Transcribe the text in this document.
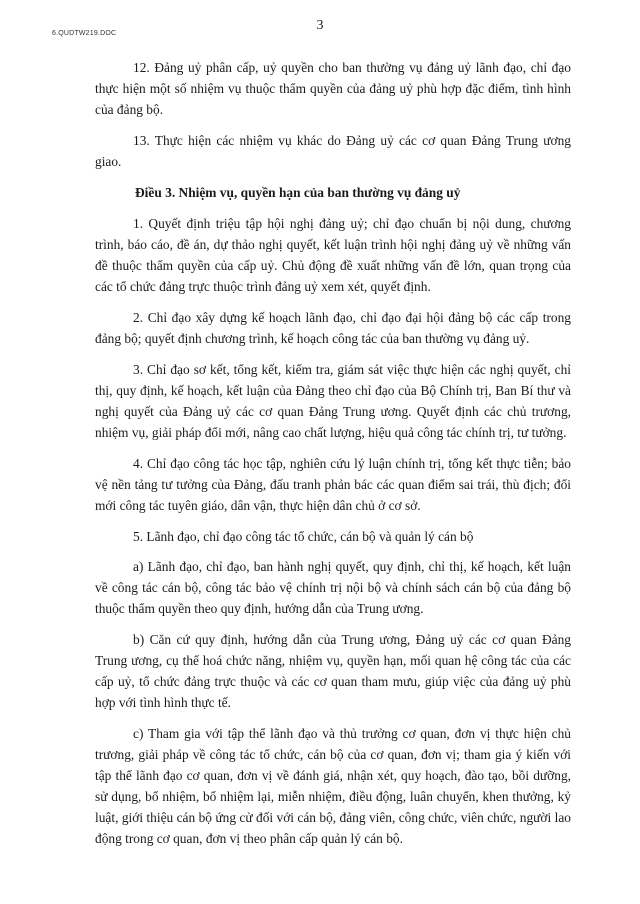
6.QUDTW219.DOC
3

12. Đảng uỷ phân cấp, uỷ quyền cho ban thường vụ đảng uỷ lãnh đạo, chỉ đạo thực hiện một số nhiệm vụ thuộc thẩm quyền của đảng uỷ phù hợp đặc điểm, tình hình của đảng bộ.

13. Thực hiện các nhiệm vụ khác do Đảng uỷ các cơ quan Đảng Trung ương giao.

Điều 3. Nhiệm vụ, quyền hạn của ban thường vụ đảng uỷ

1. Quyết định triệu tập hội nghị đảng uỷ; chỉ đạo chuẩn bị nội dung, chương trình, báo cáo, đề án, dự thảo nghị quyết, kết luận trình hội nghị đảng uỷ về những vấn đề thuộc thẩm quyền của cấp uỷ. Chủ động đề xuất những vấn đề lớn, quan trọng của các tổ chức đảng trực thuộc trình đảng uỷ xem xét, quyết định.

2. Chỉ đạo xây dựng kế hoạch lãnh đạo, chỉ đạo đại hội đảng bộ các cấp trong đảng bộ; quyết định chương trình, kế hoạch công tác của ban thường vụ đảng uỷ.

3. Chỉ đạo sơ kết, tổng kết, kiểm tra, giám sát việc thực hiện các nghị quyết, chỉ thị, quy định, kế hoạch, kết luận của Đảng theo chỉ đạo của Bộ Chính trị, Ban Bí thư và nghị quyết của Đảng uỷ các cơ quan Đảng Trung ương. Quyết định các chủ trương, nhiệm vụ, giải pháp đổi mới, nâng cao chất lượng, hiệu quả công tác chính trị, tư tưởng.

4. Chỉ đạo công tác học tập, nghiên cứu lý luận chính trị, tổng kết thực tiễn; bảo vệ nền tảng tư tưởng của Đảng, đấu tranh phản bác các quan điểm sai trái, thù địch; đổi mới công tác tuyên giáo, dân vận, thực hiện dân chủ ở cơ sở.

5. Lãnh đạo, chỉ đạo công tác tổ chức, cán bộ và quản lý cán bộ

a) Lãnh đạo, chỉ đạo, ban hành nghị quyết, quy định, chỉ thị, kế hoạch, kết luận về công tác cán bộ, công tác bảo vệ chính trị nội bộ và chính sách cán bộ của đảng bộ thuộc thẩm quyền theo quy định, hướng dẫn của Trung ương.

b) Căn cứ quy định, hướng dẫn của Trung ương, Đảng uỷ các cơ quan Đảng Trung ương, cụ thể hoá chức năng, nhiệm vụ, quyền hạn, mối quan hệ công tác của các cấp uỷ, tổ chức đảng trực thuộc và các cơ quan tham mưu, giúp việc của đảng uỷ phù hợp với tình hình thực tế.

c) Tham gia với tập thể lãnh đạo và thủ trưởng cơ quan, đơn vị thực hiện chủ trương, giải pháp về công tác tổ chức, cán bộ của cơ quan, đơn vị; tham gia ý kiến với tập thể lãnh đạo cơ quan, đơn vị về đánh giá, nhận xét, quy hoạch, đào tạo, bồi dưỡng, sử dụng, bổ nhiệm, bổ nhiệm lại, miễn nhiệm, điều động, luân chuyển, khen thưởng, kỷ luật, giới thiệu cán bộ ứng cử đối với cán bộ, đảng viên, công chức, viên chức, người lao động trong cơ quan, đơn vị theo phân cấp quản lý cán bộ.
